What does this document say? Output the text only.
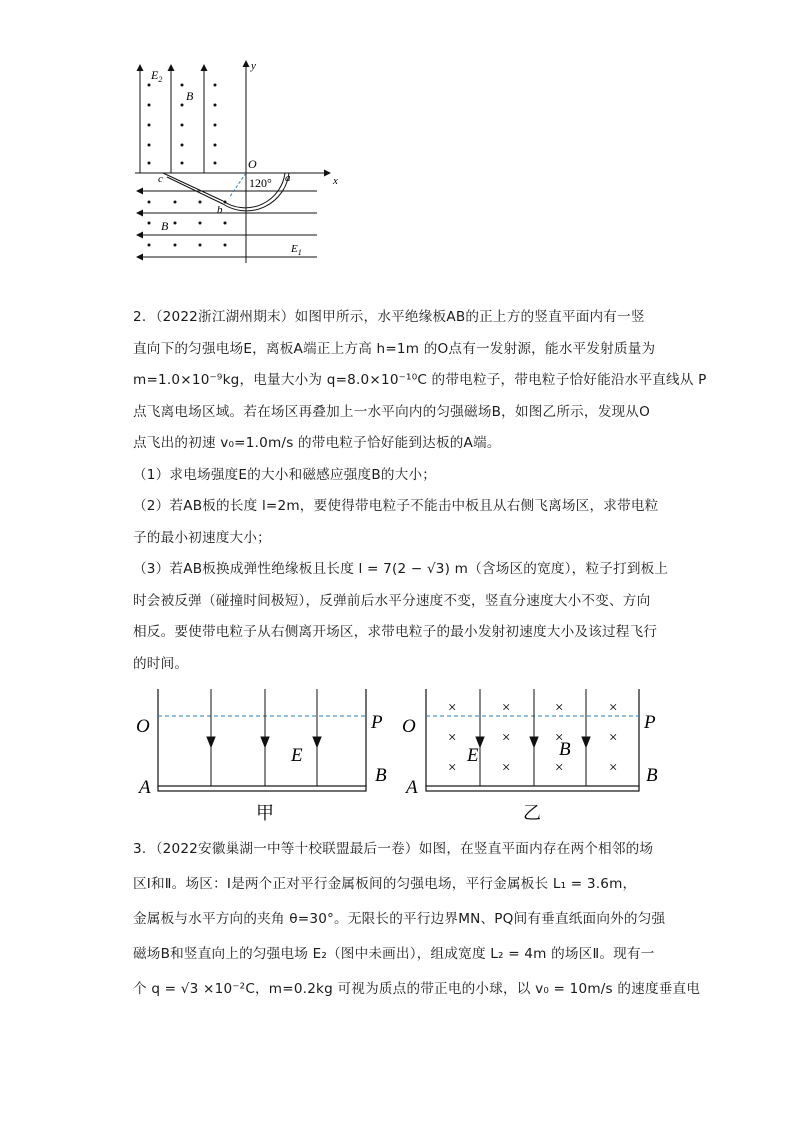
$E_2$
y
B
O
x
c	a
120°
b
B
$E_1$
2．（2022浙江湖州期末）如图甲所示，水平绝缘板AB的正上方的竖直平面内有一竖
直向下的匀强电场E，离板A端正上方高 h=1m 的O点有一发射源，能水平发射质量为
m=1.0×10⁻⁹kg，电量大小为 q=8.0×10⁻¹⁰C 的带电粒子，带电粒子恰好能沿水平直线从 P
点飞离电场区域。若在场区再叠加上一水平向内的匀强磁场B，如图乙所示，发现从O
点飞出的初速 v₀=1.0m/s 的带电粒子恰好能到达板的A端。
（1）求电场强度E的大小和磁感应强度B的大小；
（2）若AB板的长度 l=2m，要使得带电粒子不能击中板且从右侧飞离场区，求带电粒
子的最小初速度大小；
（3）若AB板换成弹性绝缘板且长度 l = 7(2 − √3) m（含场区的宽度），粒子打到板上
时会被反弹（碰撞时间极短），反弹前后水平分速度不变，竖直分速度大小不变、方向
相反。要使带电粒子从右侧离开场区，求带电粒子的最小发射初速度大小及该过程飞行
的时间。
O	P
E
A
B
甲
×	×	×	×
×	×	×	×
×	×	×	×
O	P
E	B
A
B
乙
3．（2022安徽巢湖一中等十校联盟最后一卷）如图，在竖直平面内存在两个相邻的场
区Ⅰ和Ⅱ。场区：Ⅰ是两个正对平行金属板间的匀强电场，平行金属板长 L₁ = 3.6m，
金属板与水平方向的夹角 θ=30°。无限长的平行边界MN、PQ间有垂直纸面向外的匀强
磁场B和竖直向上的匀强电场 E₂（图中未画出），组成宽度 L₂ = 4m 的场区Ⅱ。现有一
个 q = √3 ×10⁻²C，m=0.2kg 可视为质点的带正电的小球，以 v₀ = 10m/s 的速度垂直电
